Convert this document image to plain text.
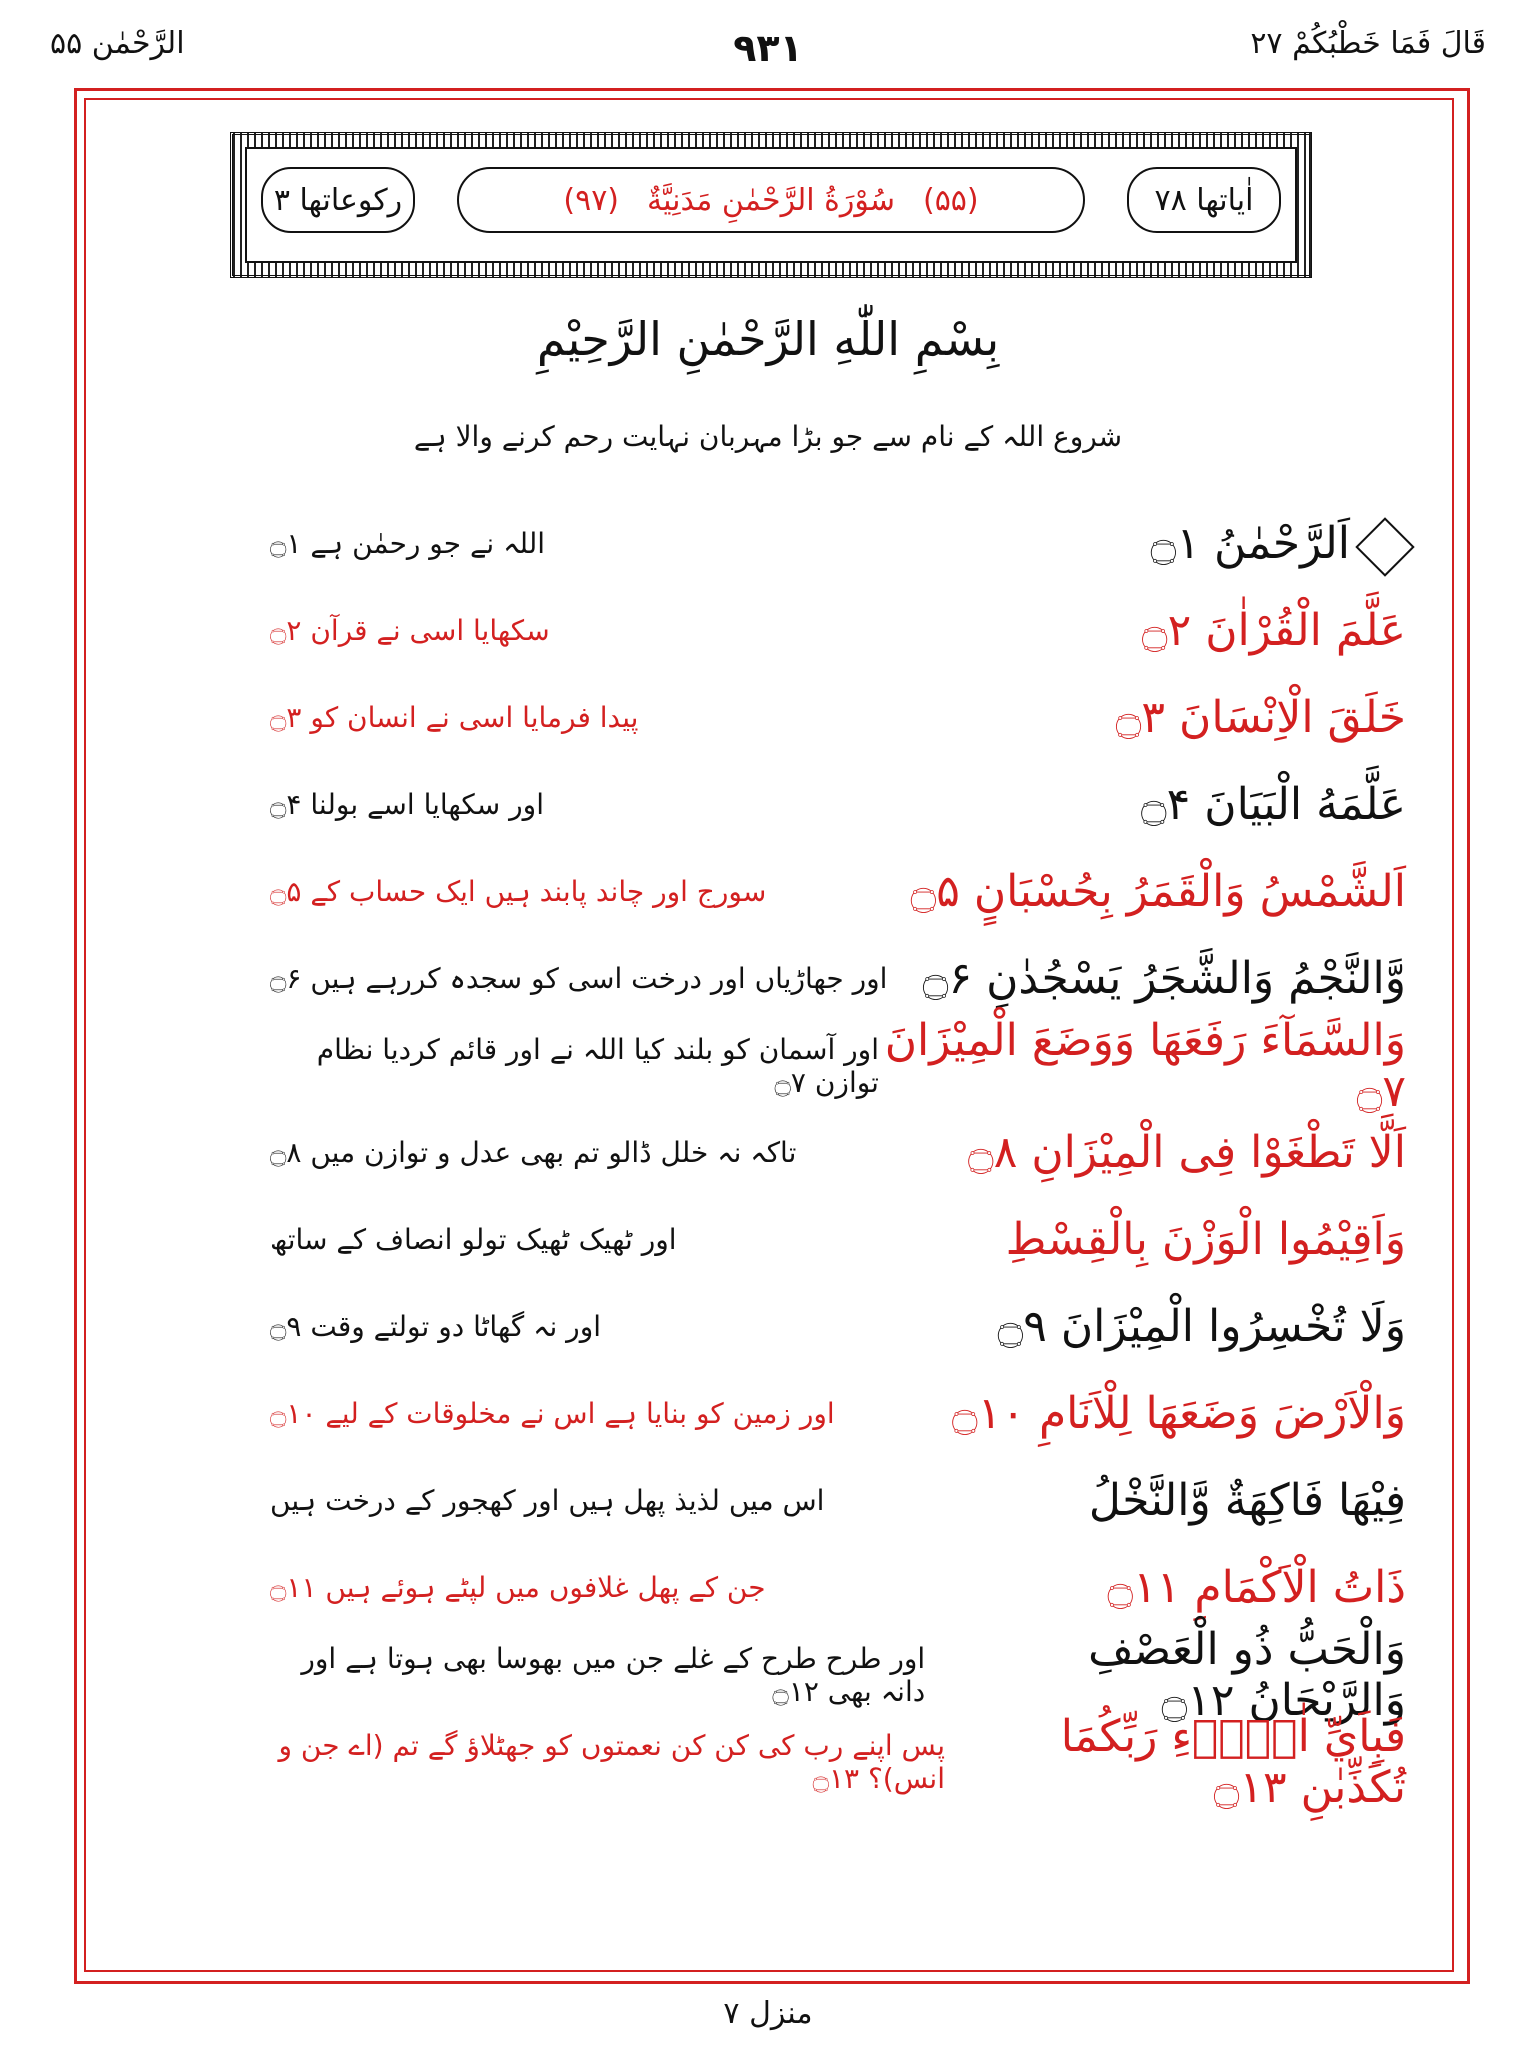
الرَّحْمٰن ۵۵	۹۳۱	قَالَ فَمَا خَطْبُکُمْ ۲۷
اٰیاتھا ۷۸
(۹۷) سُوْرَةُ الرَّحْمٰنِ مَدَنِيَّةٌ (۵۵)
رکوعاتھا ۳
بِسْمِ اللّٰهِ الرَّحْمٰنِ الرَّحِيْمِ
شروع اللہ کے نام سے جو بڑا مہربان نہایت رحم کرنے والا ہے
اَلرَّحْمٰنُ ۝۱
اللہ نے جو رحمٰن ہے ۝۱
عَلَّمَ الْقُرْاٰنَ ۝۲
سکھایا اسی نے قرآن ۝۲
خَلَقَ الْاِنْسَانَ ۝۳
پیدا فرمایا اسی نے انسان کو ۝۳
عَلَّمَهُ الْبَيَانَ ۝۴
اور سکھایا اسے بولنا ۝۴
اَلشَّمْسُ وَالْقَمَرُ بِحُسْبَانٍ ۝۵
سورج اور چاند پابند ہیں ایک حساب کے ۝۵
وَّالنَّجْمُ وَالشَّجَرُ يَسْجُدٰنِ ۝۶
اور جھاڑیاں اور درخت اسی کو سجدہ کررہے ہیں ۝۶
وَالسَّمَآءَ رَفَعَهَا وَوَضَعَ الْمِيْزَانَ ۝۷
اور آسمان کو بلند کیا اللہ نے اور قائم کردیا نظام توازن ۝۷
اَلَّا تَطْغَوْا فِى الْمِيْزَانِ ۝۸
تاکہ نہ خلل ڈالو تم بھی عدل و توازن میں ۝۸
وَاَقِيْمُوا الْوَزْنَ بِالْقِسْطِ
اور ٹھیک ٹھیک تولو انصاف کے ساتھ
وَلَا تُخْسِرُوا الْمِيْزَانَ ۝۹
اور نہ گھاٹا دو تولتے وقت ۝۹
وَالْاَرْضَ وَضَعَهَا لِلْاَنَامِ ۝۱۰
اور زمین کو بنایا ہے اس نے مخلوقات کے لیے ۝۱۰
فِيْهَا فَاكِهَةٌ وَّالنَّخْلُ
اس میں لذیذ پھل ہیں اور کھجور کے درخت ہیں
ذَاتُ الْاَكْمَامِ ۝۱۱
جن کے پھل غلافوں میں لپٹے ہوئے ہیں ۝۱۱
وَالْحَبُّ ذُو الْعَصْفِ وَالرَّيْحَانُ ۝۱۲
اور طرح طرح کے غلے جن میں بھوسا بھی ہوتا ہے اور دانہ بھی ۝۱۲
فَبِاَيِّ اٰلَاۤءِ رَبِّكُمَا تُكَذِّبٰنِ ۝۱۳
پس اپنے رب کی کن کن نعمتوں کو جھٹلاؤ گے تم (اے جن و انس)؟ ۝۱۳
منزل ۷
